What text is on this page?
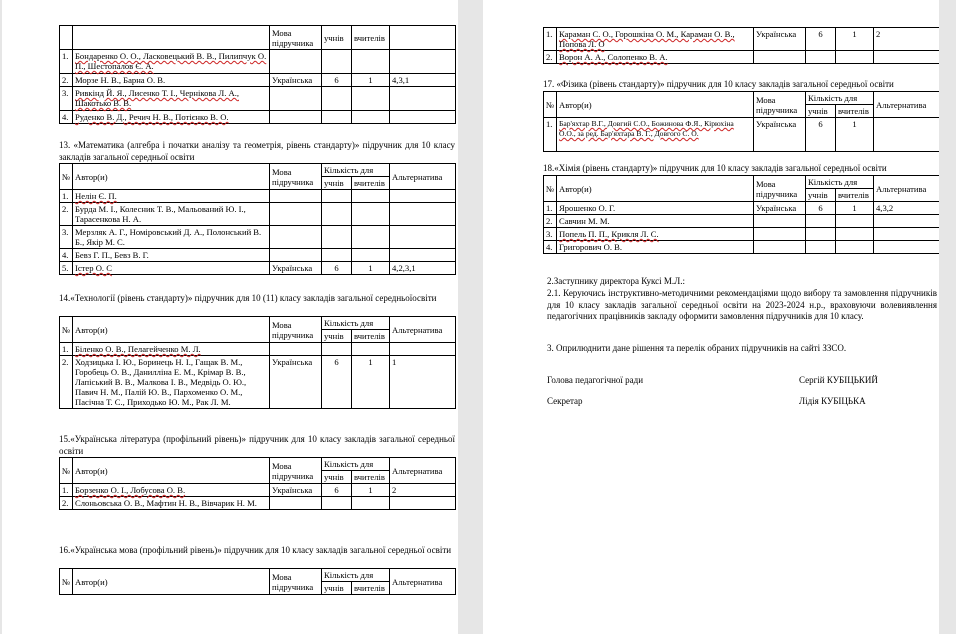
		Мова підручника	учнів	вчителів	
1.	Бондаренко О. О., Ласковецький В. В., Пилипчук О. П., Шестопалов Є. А.				
2.	Морзе Н. В., Барна О. В.	Українська	6	1	4,3,1
3.	Ривкінд Й. Я., Лисенко Т. І., Чернікова Л. А., Шакотько В. В.				
4.	Руденко В. Д., Речич Н. В., Потієнко В. О.				
13. «Математика (алгебра і початки аналізу та геометрія, рівень стандарту)» підручник для 10 класу закладів загальної середньої освіти
№	Автор(и)	Мова підручника	Кількість для		Альтернатива
			учнів	вчителів	
1.	Нелін Є. П.				
2.	Бурда М. І., Колесник Т. В., Мальований Ю. І., Тарасенкова Н. А.				
3.	Мерзляк А. Г., Номіровський Д. А., Полонський В. Б., Якір М. С.				
4.	Бевз Г. П., Бевз В. Г.				
5.	Істер О. С	Українська	6	1	4,2,3,1
14.«Технології (рівень стандарту)» підручник для 10 (11) класу закладів загальної середньоїосвіти
№	Автор(и)	Мова підручника	Кількість для		Альтернатива
			учнів	вчителів	
1.	Біленко О. В., Пелагейченко М. Л.				
2.	Ходзицька І. Ю., Боринець Н. І., Гащак В. М., Горобець О. В., Данилліна Е. М., Крімар В. В., Лапіський В. В., Малкова І. В., Медвідь О. Ю., Павич Н. М., Палій Ю. В., Пархоменко О. М., Пасічна Т. С., Приходько Ю. М., Рак Л. М.	Українська	6	1	1
15.«Українська література (профільний рівень)» підручник для 10 класу закладів загальної середньої освіти
№	Автор(и)	Мова підручника	Кількість для		Альтернатива
			учнів	вчителів	
1.	Борзенко О. І., Лобусова О. В.	Українська	6	1	2
2.	Слоньовська О. В., Мафтин Н. В., Вівчарик Н. М.				
16.«Українська мова (профільний рівень)» підручник для 10 класу закладів загальної середньої освіти
№	Автор(и)	Мова підручника	Кількість для		Альтернатива
			учнів	вчителів	
1.	Караман С. О., Горошкіна О. М., Караман О. В., Попова Л. О	Українська	6	1	2
2.	Ворон А. А., Солопенко В. А.				
17. «Фізика (рівень стандарту)» підручник для 10 класу закладів загальної середньої освіти
№	Автор(и)	Мова підручника	Кількість для		Альтернатива
			учнів	вчителів	
1.	Бар'яхтар В.Г., Довгий С.О., Божинова Ф.Я., Кірюхіна О.О., за ред. Бар'яхтара В. Г., Довгого С. О.	Українська	6	1	
18.«Хімія (рівень стандарту)» підручник для 10 класу закладів загальної середньої освіти
№	Автор(и)	Мова підручника	Кількість для		Альтернатива
			учнів	вчителів	
1.	Ярошенко О. Г.	Українська	6	1	4,3,2
2.	Савчин М. М.				
3.	Попель П. П., Крикля Л. С.				
4.	Григорович О. В.				
2.Заступнику директора Куксі М.Л.:
2.1. Керуючись інструктивно-методичними рекомендаціями щодо вибору та замовлення підручників для 10 класу закладів загальної середньої освіти на 2023-2024 н.р., враховуючи волевиявлення педагогічних працівників закладу оформити замовлення підручників для 10 класу.
3. Оприлюднити дане рішення та перелік обраних підручників на сайті ЗЗСО.
Голова педагогічної ради	Сергій КУБІЦЬКИЙ
Секретар	Лідія КУБІЦЬКА
